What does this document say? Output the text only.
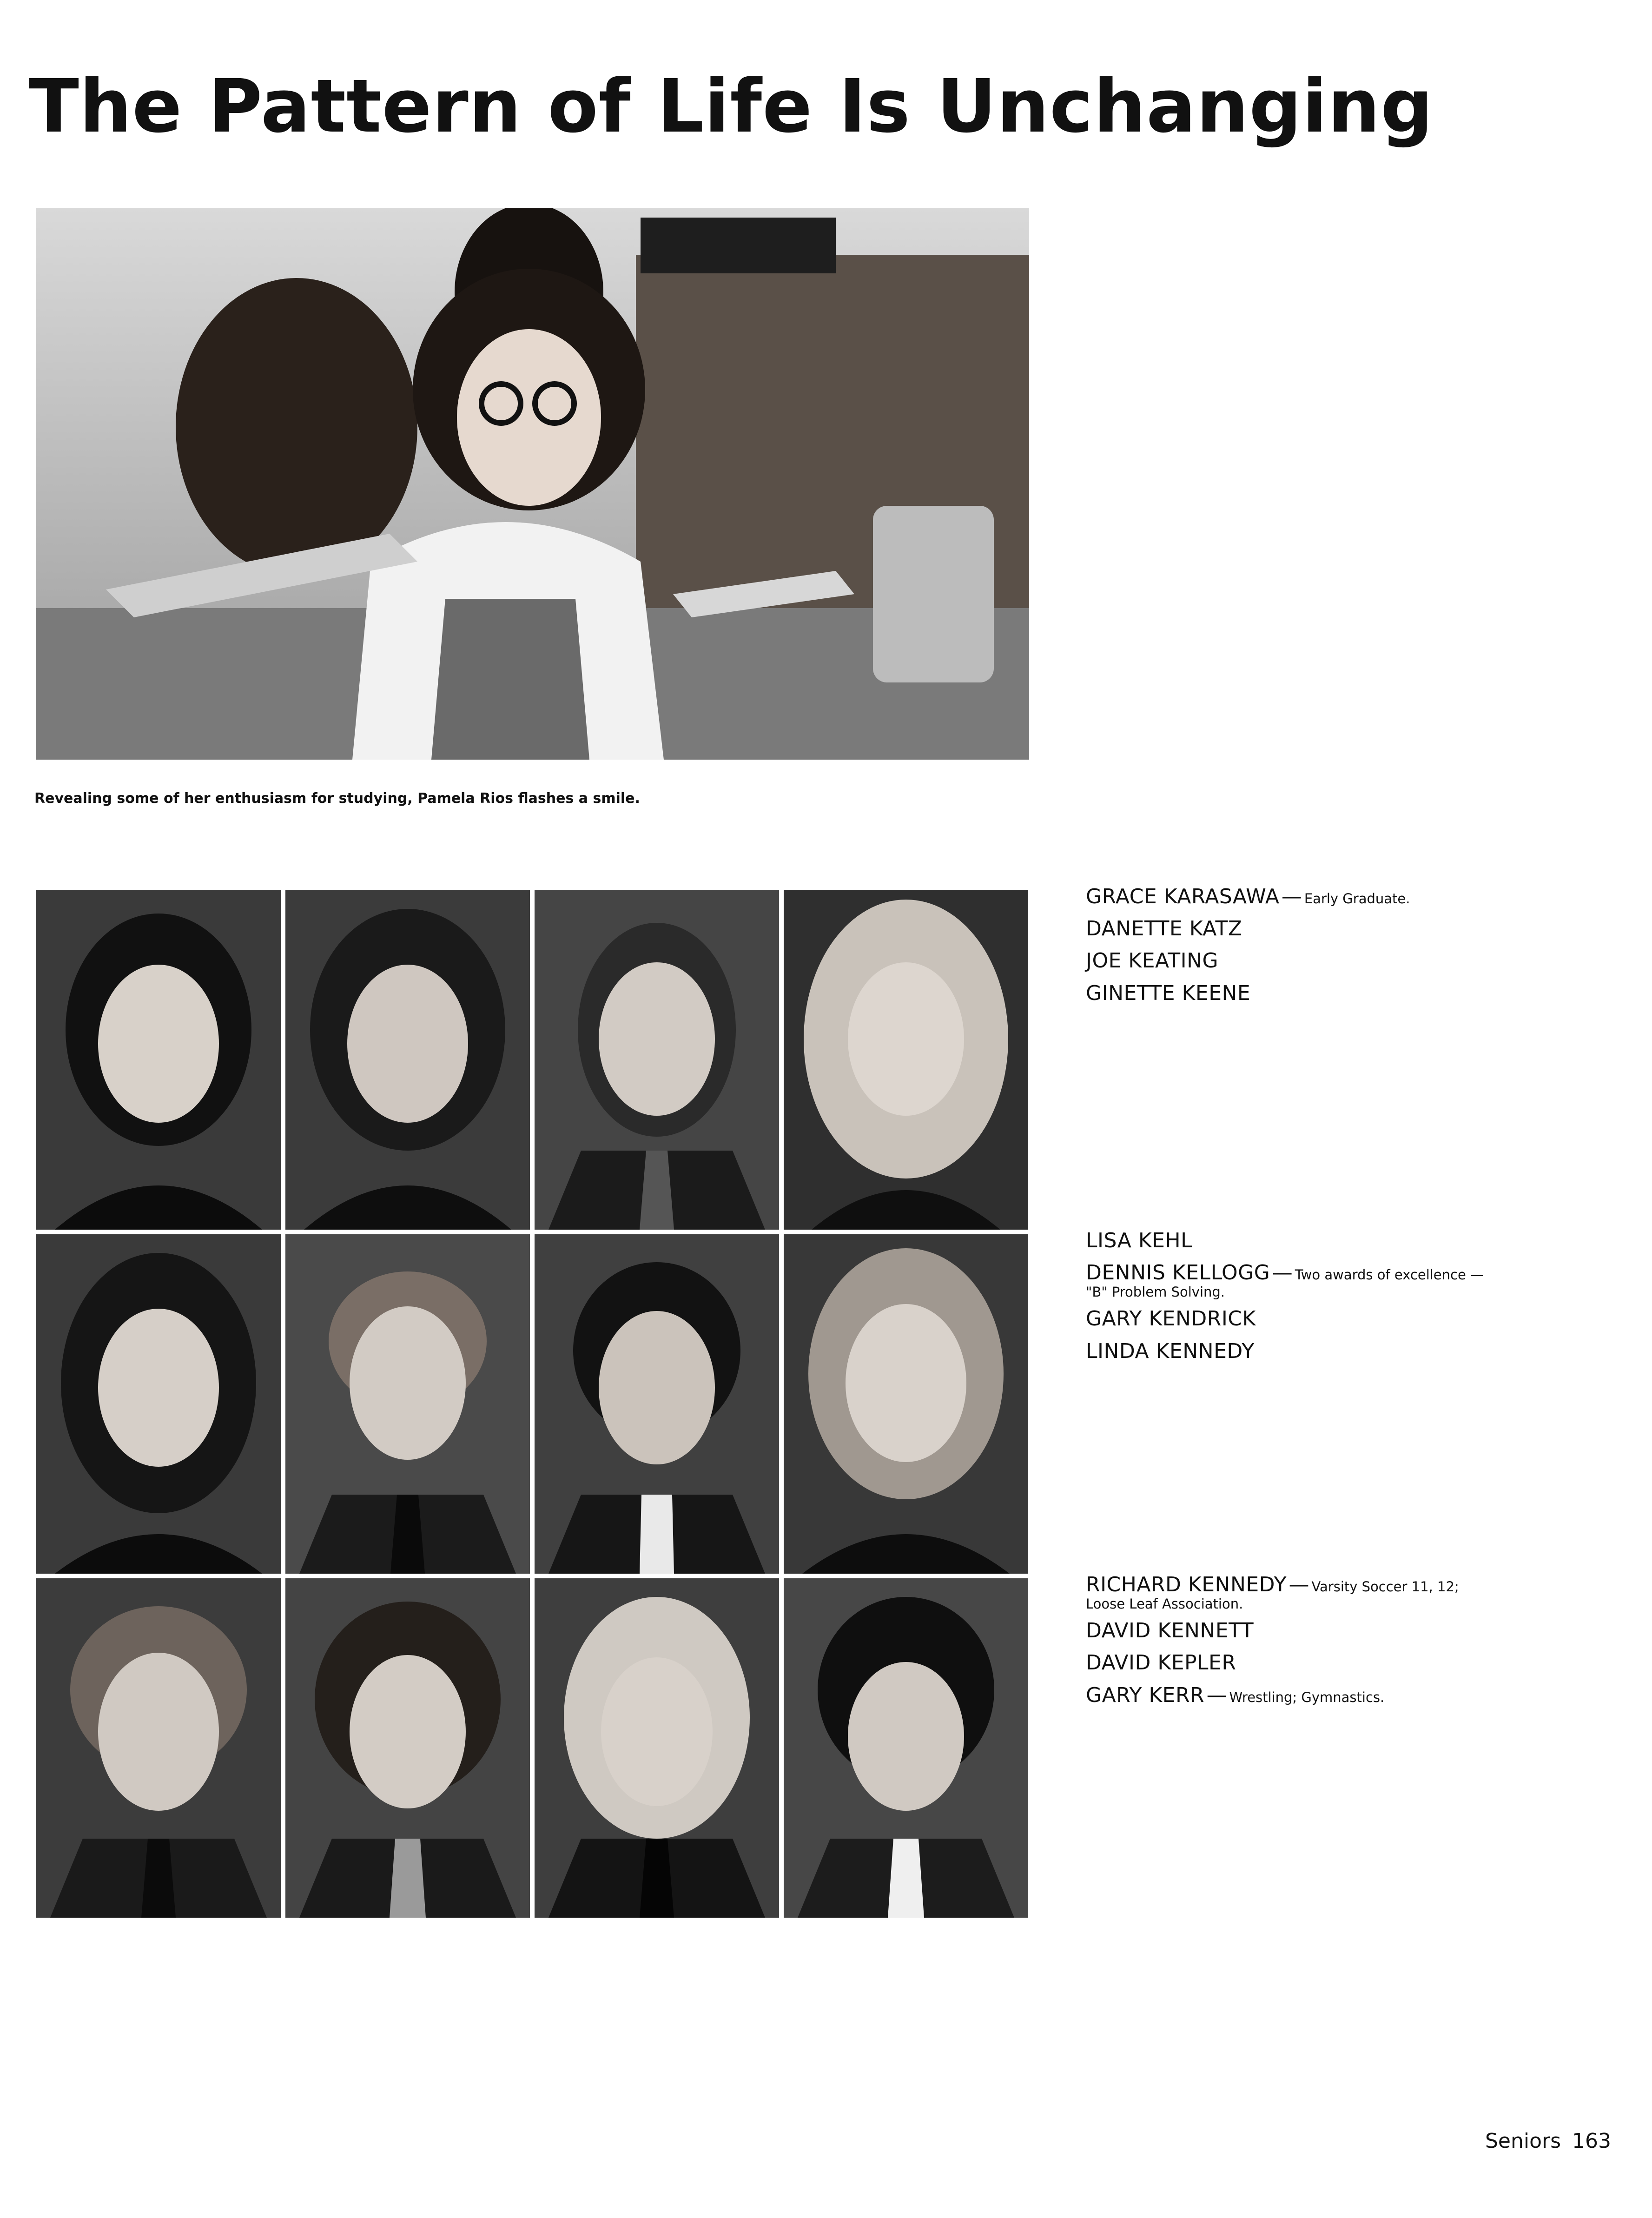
The Pattern of Life Is Unchanging

Revealing some of her enthusiasm for studying, Pamela Rios flashes a smile.

GRACE KARASAWA — Early Graduate.
DANETTE KATZ
JOE KEATING
GINETTE KEENE
LISA KEHL
DENNIS KELLOGG — Two awards of excellence —
"B" Problem Solving.
GARY KENDRICK
LINDA KENNEDY
RICHARD KENNEDY — Varsity Soccer 11, 12;
Loose Leaf Association.
DAVID KENNETT
DAVID KEPLER
GARY KERR — Wrestling; Gymnastics.

Seniors 163
